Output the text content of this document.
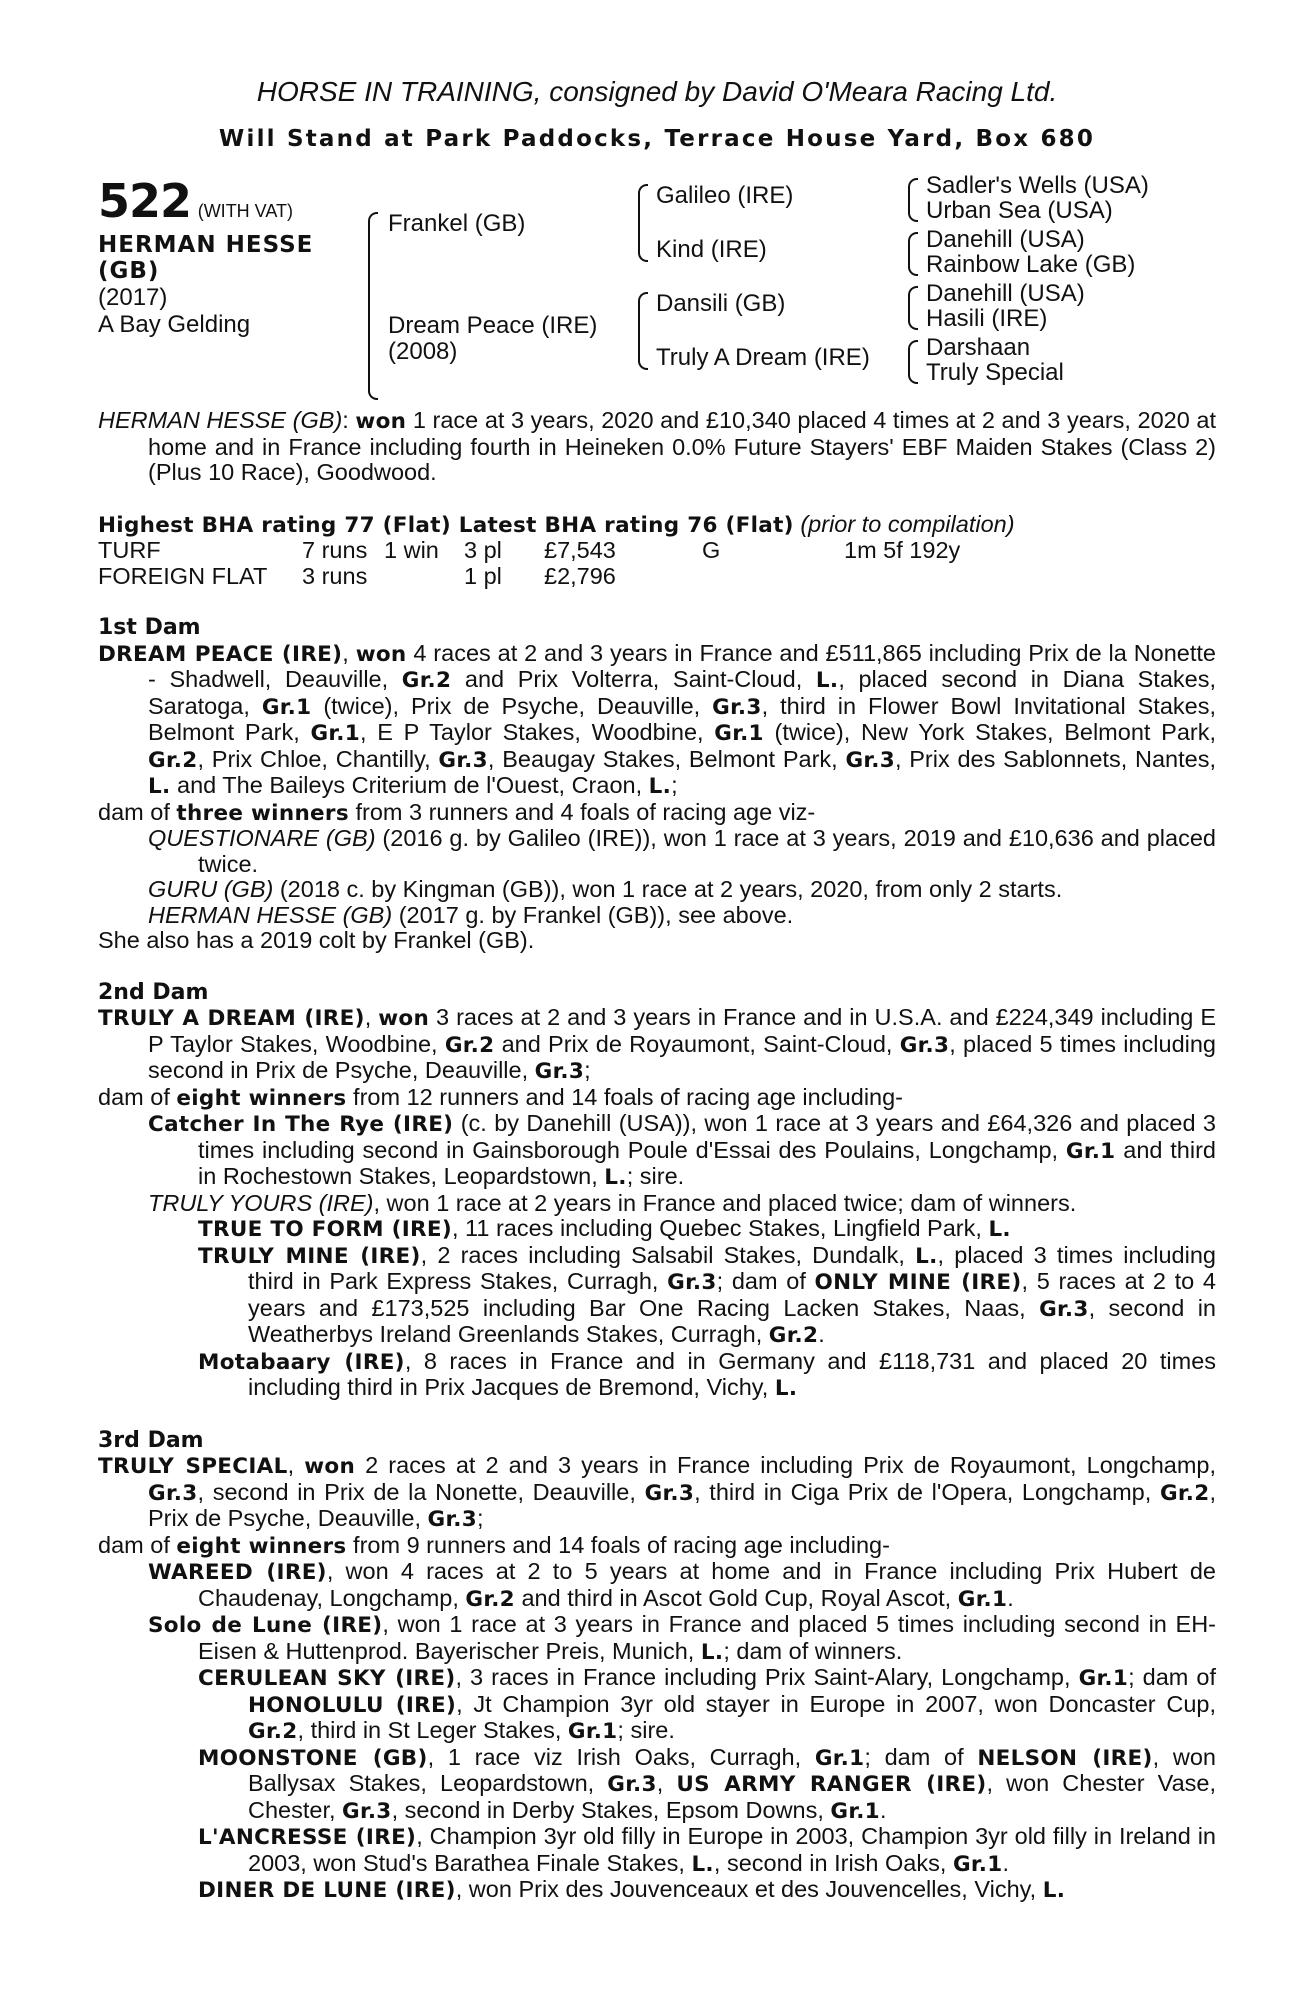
HORSE IN TRAINING, consigned by David O'Meara Racing Ltd.

Will Stand at Park Paddocks, Terrace House Yard, Box 680

522 (WITH VAT)
HERMAN HESSE
(GB)
(2017)
A Bay Gelding
Frankel (GB)
Dream Peace (IRE)
(2008)
Galileo (IRE)
Kind (IRE)
Dansili (GB)
Truly A Dream (IRE)
Sadler's Wells (USA)
Urban Sea (USA)
Danehill (USA)
Rainbow Lake (GB)
Danehill (USA)
Hasili (IRE)
Darshaan
Truly Special

HERMAN HESSE (GB): won 1 race at 3 years, 2020 and £10,340 placed 4 times at 2 and 3 years, 2020 at home and in France including fourth in Heineken 0.0% Future Stayers' EBF Maiden Stakes (Class 2) (Plus 10 Race), Goodwood.

Highest BHA rating 77 (Flat) Latest BHA rating 76 (Flat) (prior to compilation)
TURF	7 runs 1 win 3 pl £7,543	G	1m 5f 192y
FOREIGN FLAT 3 runs	1 pl £2,796

1st Dam

DREAM PEACE (IRE), won 4 races at 2 and 3 years in France and £511,865 including Prix de la Nonette - Shadwell, Deauville, Gr.2 and Prix Volterra, Saint-Cloud, L., placed second in Diana Stakes, Saratoga, Gr.1 (twice), Prix de Psyche, Deauville, Gr.3, third in Flower Bowl Invitational Stakes, Belmont Park, Gr.1, E P Taylor Stakes, Woodbine, Gr.1 (twice), New York Stakes, Belmont Park, Gr.2, Prix Chloe, Chantilly, Gr.3, Beaugay Stakes, Belmont Park, Gr.3, Prix des Sablonnets, Nantes, L. and The Baileys Criterium de l'Ouest, Craon, L.;

dam of three winners from 3 runners and 4 foals of racing age viz-

QUESTIONARE (GB) (2016 g. by Galileo (IRE)), won 1 race at 3 years, 2019 and £10,636 and placed twice.

GURU (GB) (2018 c. by Kingman (GB)), won 1 race at 2 years, 2020, from only 2 starts.

HERMAN HESSE (GB) (2017 g. by Frankel (GB)), see above.

She also has a 2019 colt by Frankel (GB).

2nd Dam

TRULY A DREAM (IRE), won 3 races at 2 and 3 years in France and in U.S.A. and £224,349 including E P Taylor Stakes, Woodbine, Gr.2 and Prix de Royaumont, Saint-Cloud, Gr.3, placed 5 times including second in Prix de Psyche, Deauville, Gr.3;

dam of eight winners from 12 runners and 14 foals of racing age including-

Catcher In The Rye (IRE) (c. by Danehill (USA)), won 1 race at 3 years and £64,326 and placed 3 times including second in Gainsborough Poule d'Essai des Poulains, Longchamp, Gr.1 and third in Rochestown Stakes, Leopardstown, L.; sire.

TRULY YOURS (IRE), won 1 race at 2 years in France and placed twice; dam of winners.

TRUE TO FORM (IRE), 11 races including Quebec Stakes, Lingfield Park, L.

TRULY MINE (IRE), 2 races including Salsabil Stakes, Dundalk, L., placed 3 times including third in Park Express Stakes, Curragh, Gr.3; dam of ONLY MINE (IRE), 5 races at 2 to 4 years and £173,525 including Bar One Racing Lacken Stakes, Naas, Gr.3, second in Weatherbys Ireland Greenlands Stakes, Curragh, Gr.2.

Motabaary (IRE), 8 races in France and in Germany and £118,731 and placed 20 times including third in Prix Jacques de Bremond, Vichy, L.

3rd Dam

TRULY SPECIAL, won 2 races at 2 and 3 years in France including Prix de Royaumont, Longchamp, Gr.3, second in Prix de la Nonette, Deauville, Gr.3, third in Ciga Prix de l'Opera, Longchamp, Gr.2, Prix de Psyche, Deauville, Gr.3;

dam of eight winners from 9 runners and 14 foals of racing age including-

WAREED (IRE), won 4 races at 2 to 5 years at home and in France including Prix Hubert de Chaudenay, Longchamp, Gr.2 and third in Ascot Gold Cup, Royal Ascot, Gr.1.

Solo de Lune (IRE), won 1 race at 3 years in France and placed 5 times including second in EH-Eisen & Huttenprod. Bayerischer Preis, Munich, L.; dam of winners.

CERULEAN SKY (IRE), 3 races in France including Prix Saint-Alary, Longchamp, Gr.1; dam of HONOLULU (IRE), Jt Champion 3yr old stayer in Europe in 2007, won Doncaster Cup, Gr.2, third in St Leger Stakes, Gr.1; sire.

MOONSTONE (GB), 1 race viz Irish Oaks, Curragh, Gr.1; dam of NELSON (IRE), won Ballysax Stakes, Leopardstown, Gr.3, US ARMY RANGER (IRE), won Chester Vase, Chester, Gr.3, second in Derby Stakes, Epsom Downs, Gr.1.

L'ANCRESSE (IRE), Champion 3yr old filly in Europe in 2003, Champion 3yr old filly in Ireland in 2003, won Stud's Barathea Finale Stakes, L., second in Irish Oaks, Gr.1.

DINER DE LUNE (IRE), won Prix des Jouvenceaux et des Jouvencelles, Vichy, L.
